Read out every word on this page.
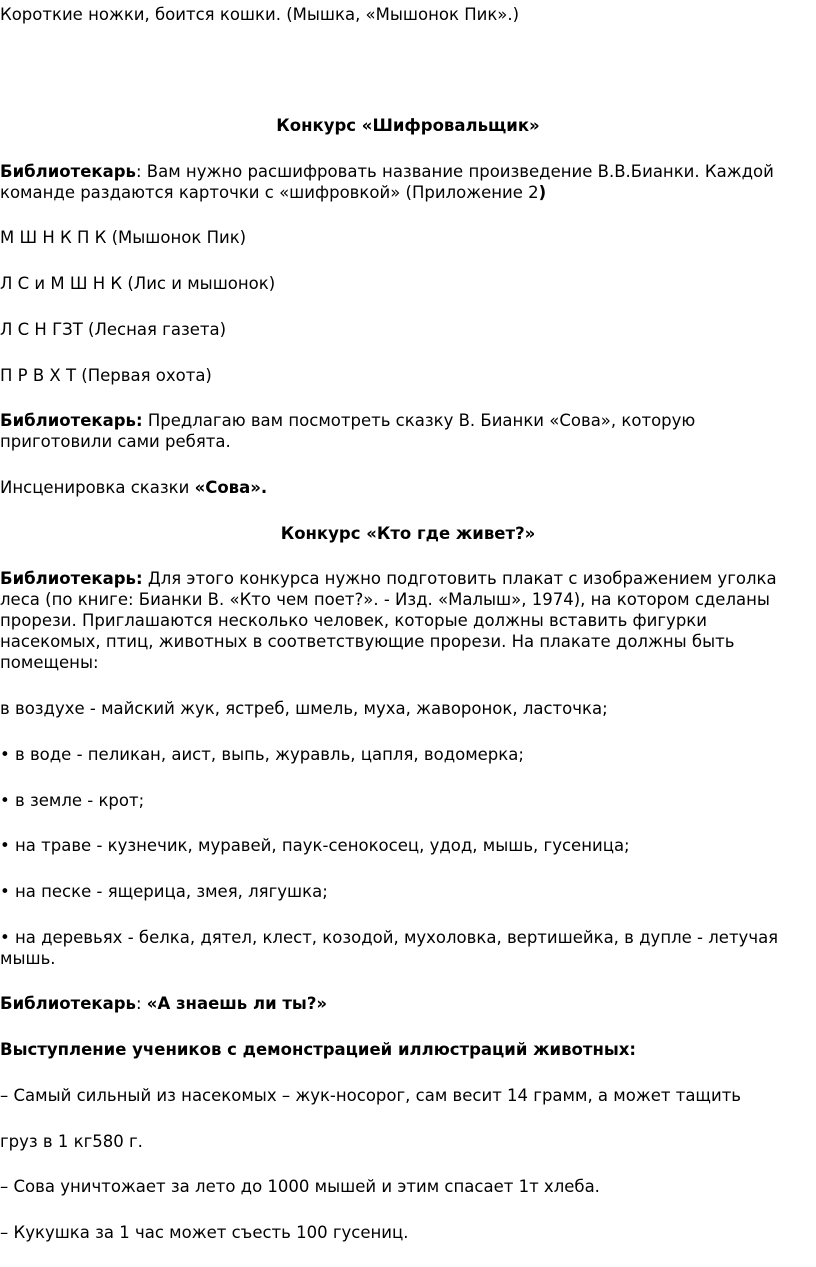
Короткие ножки, боится кошки. (Мышка, «Мышонок Пик».)
Конкурс «Шифровальщик»
Библиотекарь: Вам нужно расшифровать название произведение В.В.Бианки. Каждой
команде раздаются карточки с «шифровкой» (Приложение 2)
М Ш Н К П К (Мышонок Пик)
Л С и М Ш Н К (Лис и мышонок)
Л С Н ГЗТ (Лесная газета)
П Р В Х Т (Первая охота)
Библиотекарь: Предлагаю вам посмотреть сказку В. Бианки «Сова», которую
приготовили сами ребята.
Инсценировка сказки «Сова».
Конкурс «Кто где живет?»
Библиотекарь: Для этого конкурса нужно подготовить плакат с изображением уголка
леса (по книге: Бианки В. «Кто чем поет?». - Изд. «Малыш», 1974), на котором сделаны
прорези. Приглашаются несколько человек, которые должны вставить фигурки
насекомых, птиц, животных в соответствующие прорези. На плакате должны быть
помещены:
в воздухе - майский жук, ястреб, шмель, муха, жаворонок, ласточка;
• в воде - пеликан, аист, выпь, журавль, цапля, водомерка;
• в земле - крот;
• на траве - кузнечик, муравей, паук-сенокосец, удод, мышь, гусеница;
• на песке - ящерица, змея, лягушка;
• на деревьях - белка, дятел, клест, козодой, мухоловка, вертишейка, в дупле - летучая
мышь.
Библиотекарь: «А знаешь ли ты?»
Выступление учеников с демонстрацией иллюстраций животных:
– Самый сильный из насекомых – жук-носорог, сам весит 14 грамм, а может тащить
груз в 1 кг580 г.
– Сова уничтожает за лето до 1000 мышей и этим спасает 1т хлеба.
– Кукушка за 1 час может съесть 100 гусениц.
